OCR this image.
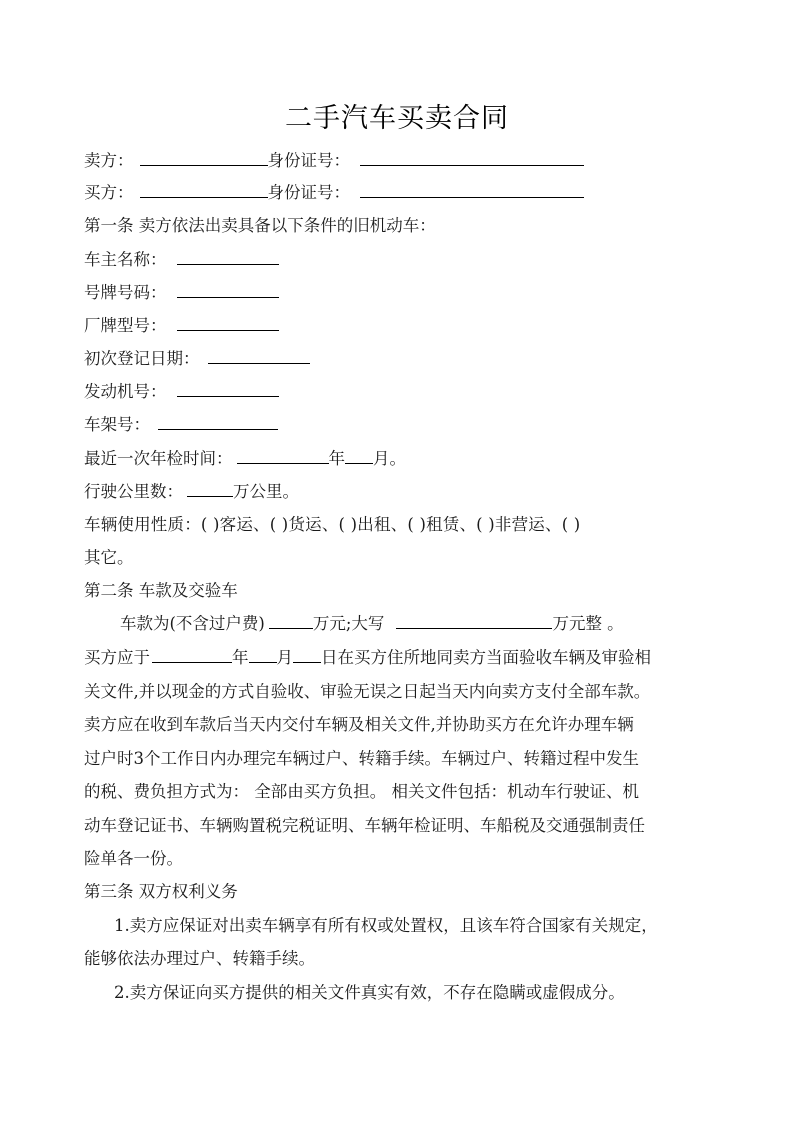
二手汽车买卖合同
卖方：	身份证号：
买方：	身份证号：
第一条 卖方依法出卖具备以下条件的旧机动车：
车主名称：
号牌号码：
厂牌型号：
初次登记日期：
发动机号：
车架号：
最近一次年检时间：	年 月。
行驶公里数：	万公里。
车辆使用性质：( )客运、( )货运、( )出租、( )租赁、( )非营运、( )
其它。
第二条 车款及交验车
车款为(不含过户费)	万元;大写	万元整 。
买方应于	年 月 日在买方住所地同卖方当面验收车辆及审验相
关文件,并以现金的方式自验收、审验无误之日起当天内向卖方支付全部车款。
卖方应在收到车款后当天内交付车辆及相关文件,并协助买方在允许办理车辆
过户时3个工作日内办理完车辆过户、转籍手续。车辆过户、转籍过程中发生
的税、费负担方式为： 全部由买方负担。 相关文件包括：机动车行驶证、机
动车登记证书、车辆购置税完税证明、车辆年检证明、车船税及交通强制责任
险单各一份。
第三条 双方权利义务
1.卖方应保证对出卖车辆享有所有权或处置权，且该车符合国家有关规定，
能够依法办理过户、转籍手续。
2.卖方保证向买方提供的相关文件真实有效，不存在隐瞒或虚假成分。
